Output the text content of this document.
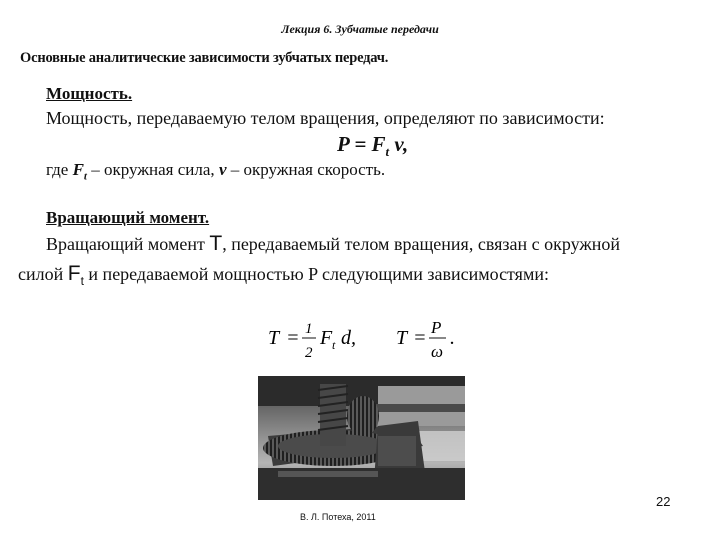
Лекция 6. Зубчатые передачи
Основные аналитические зависимости зубчатых передач.
Мощность.
Мощность, передаваемую телом вращения, определяют по зависимости:
$P = F_t$ v,
где $F_t$ – окружная сила, v – окружная скорость.
Вращающий момент.
Вращающий момент T, передаваемый телом вращения, связан с окружной
силой $F_t$ и передаваемой мощностью P следующими зависимостями:
T = 1
2
F t d, T = P
ω
.
22
В. Л. Потеха, 2011
